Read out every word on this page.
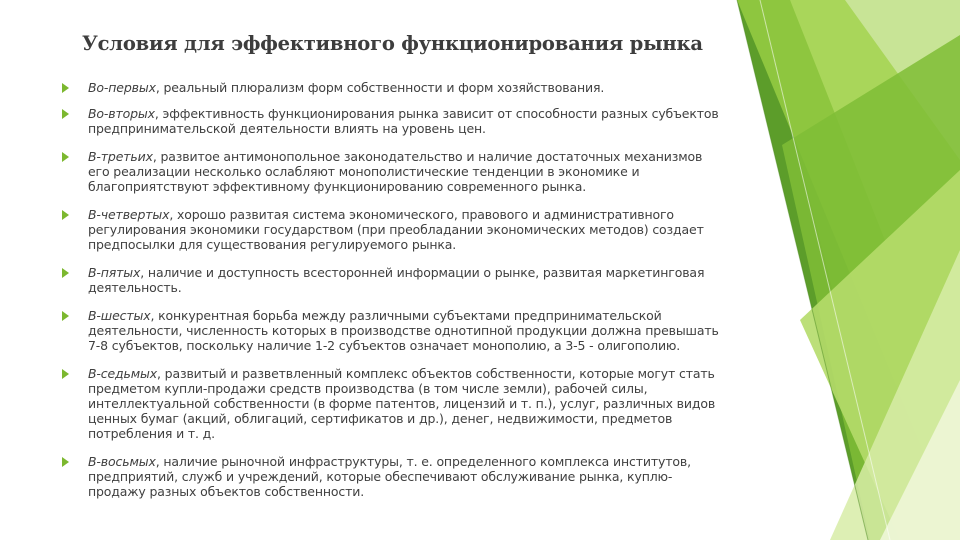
Условия для эффективного функционирования рынка
Во-первых, реальный плюрализм форм собственности и форм хозяйствования.
Во-вторых, эффективность функционирования рынка зависит от способности разных субъектов предпринимательской деятельности влиять на уровень цен.
В-третьих, развитое антимонопольное законодательство и наличие достаточных механизмов его реализации несколько ослабляют монополистические тенденции в экономике и благоприятствуют эффективному функционированию современного рынка.
В-четвертых, хорошо развитая система экономического, правового и административного регулирования экономики государством (при преобладании экономических методов) создает предпосылки для существования регулируемого рынка.
В-пятых, наличие и доступность всесторонней информации о рынке, развитая маркетинговая деятельность.
В-шестых, конкурентная борьба между различными субъектами предпринимательской деятельности, численность которых в производстве однотипной продукции должна превышать 7-8 субъектов, поскольку наличие 1-2 субъектов означает монополию, а 3-5 - олигополию.
В-седьмых, развитый и разветвленный комплекс объектов собственности, которые могут стать предметом купли-продажи средств производства (в том числе земли), рабочей силы, интеллектуальной собственности (в форме патентов, лицензий и т. п.), услуг, различных видов ценных бумаг (акций, облигаций, сертификатов и др.), денег, недвижимости, предметов потребления и т. д.
В-восьмых, наличие рыночной инфраструктуры, т. е. определенного комплекса институтов, предприятий, служб и учреждений, которые обеспечивают обслуживание рынка, куплю-продажу разных объектов собственности.
